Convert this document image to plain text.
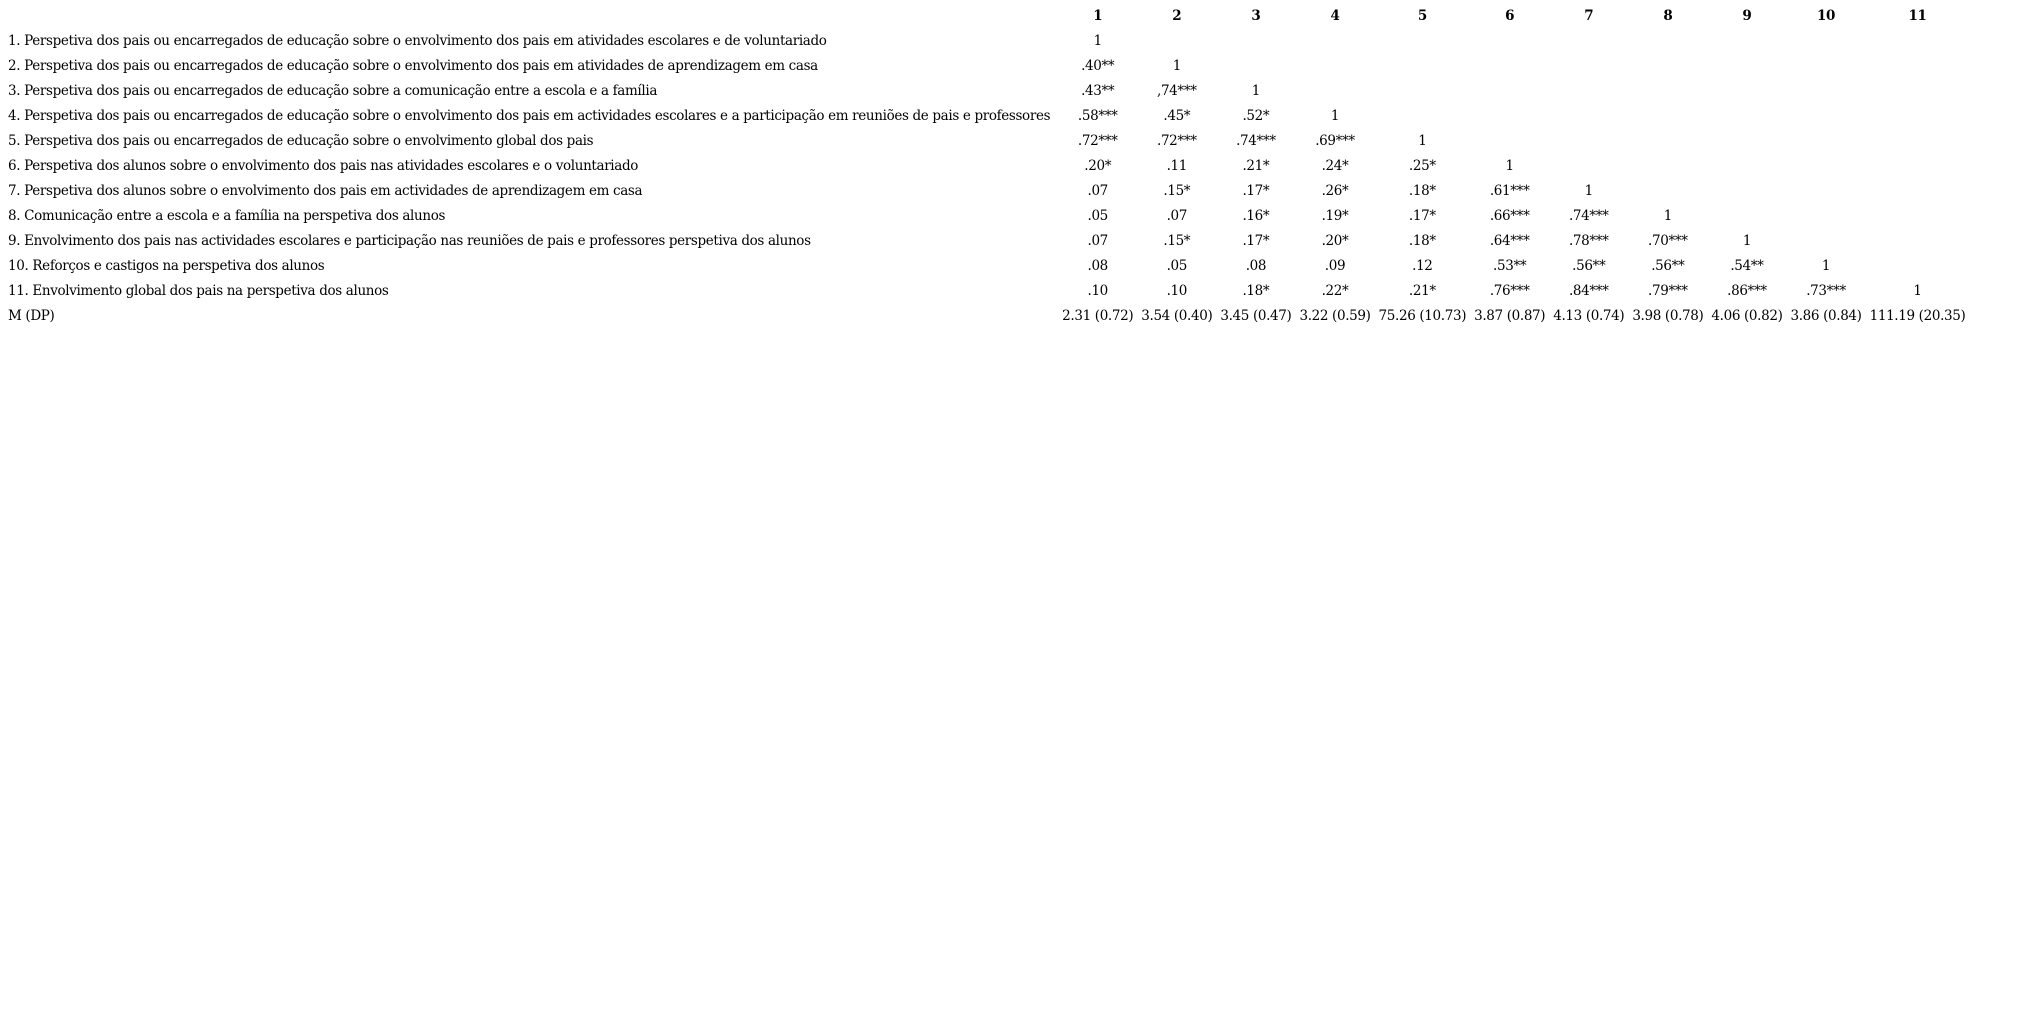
	1	2	3	4	5	6	7	8	9	10	11
1. Perspetiva dos pais ou encarregados de educação sobre o envolvimento dos pais em atividades escolares e de voluntariado	1										
2. Perspetiva dos pais ou encarregados de educação sobre o envolvimento dos pais em atividades de aprendizagem em casa	.40**	1									
3. Perspetiva dos pais ou encarregados de educação sobre a comunicação entre a escola e a família	.43**	,74***	1								
4. Perspetiva dos pais ou encarregados de educação sobre o envolvimento dos pais em actividades escolares e a participação em reuniões de pais e professores	.58***	.45*	.52*	1							
5. Perspetiva dos pais ou encarregados de educação sobre o envolvimento global dos pais	.72***	.72***	.74***	.69***	1						
6. Perspetiva dos alunos sobre o envolvimento dos pais nas atividades escolares e o voluntariado	.20*	.11	.21*	.24*	.25*	1					
7. Perspetiva dos alunos sobre o envolvimento dos pais em actividades de aprendizagem em casa	.07	.15*	.17*	.26*	.18*	.61***	1				
8. Comunicação entre a escola e a família na perspetiva dos alunos	.05	.07	.16*	.19*	.17*	.66***	.74***	1			
9. Envolvimento dos pais nas actividades escolares e participação nas reuniões de pais e professores perspetiva dos alunos	.07	.15*	.17*	.20*	.18*	.64***	.78***	.70***	1		
10. Reforços e castigos na perspetiva dos alunos	.08	.05	.08	.09	.12	.53**	.56**	.56**	.54**	1	
11. Envolvimento global dos pais na perspetiva dos alunos	.10	.10	.18*	.22*	.21*	.76***	.84***	.79***	.86***	.73***	1
M (DP)	2.31 (0.72)	3.54 (0.40)	3.45 (0.47)	3.22 (0.59)	75.26 (10.73)	3.87 (0.87)	4.13 (0.74)	3.98 (0.78)	4.06 (0.82)	3.86 (0.84)	111.19 (20.35)
